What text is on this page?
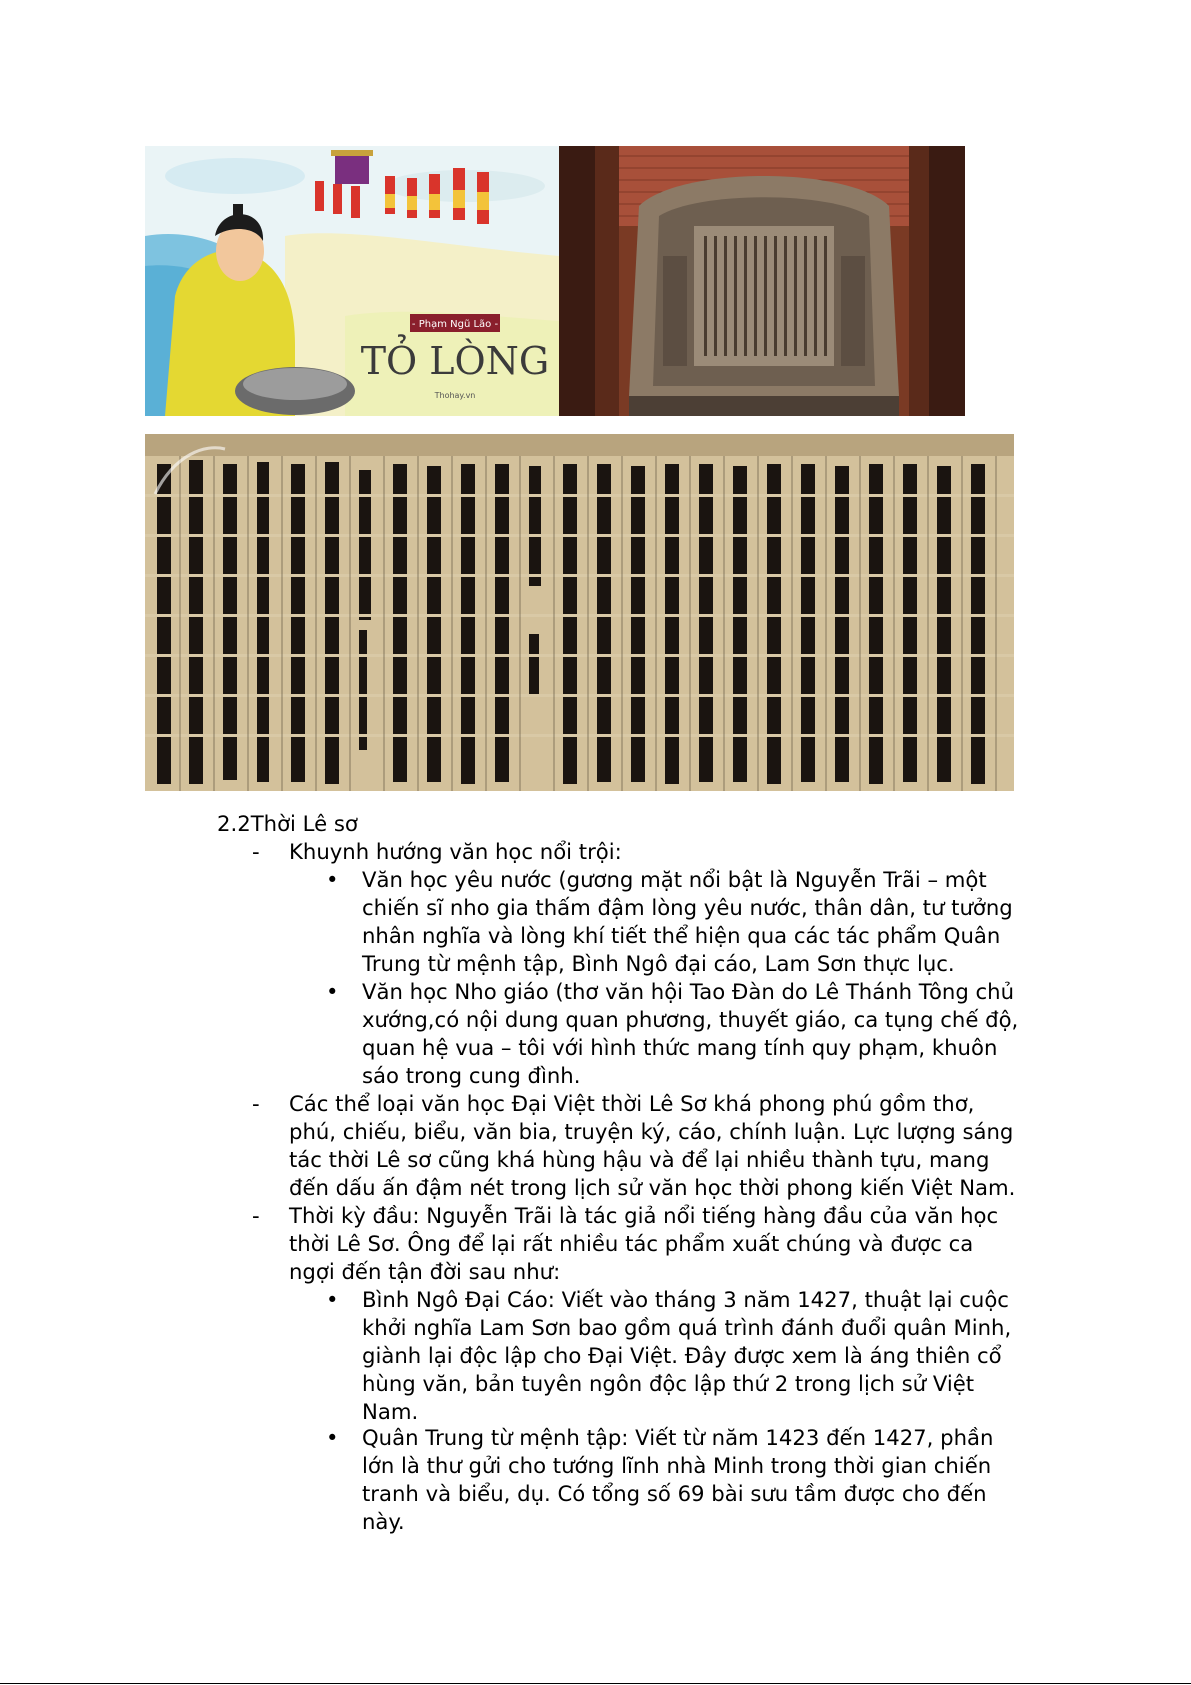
- Phạm Ngũ Lão -
TỎ LÒNG
Thohay.vn
2.2Thời Lê sơ
- Khuynh hướng văn học nổi trội:
• Văn học yêu nước (gương mặt nổi bật là Nguyễn Trãi – một
chiến sĩ nho gia thấm đậm lòng yêu nước, thân dân, tư tưởng
nhân nghĩa và lòng khí tiết thể hiện qua các tác phẩm Quân
Trung từ mệnh tập, Bình Ngô đại cáo, Lam Sơn thực lục.
• Văn học Nho giáo (thơ văn hội Tao Đàn do Lê Thánh Tông chủ
xướng,có nội dung quan phương, thuyết giáo, ca tụng chế độ,
quan hệ vua – tôi với hình thức mang tính quy phạm, khuôn
sáo trong cung đình.
- Các thể loại văn học Đại Việt thời Lê Sơ khá phong phú gồm thơ,
phú, chiếu, biểu, văn bia, truyện ký, cáo, chính luận. Lực lượng sáng
tác thời Lê sơ cũng khá hùng hậu và để lại nhiều thành tựu, mang
đến dấu ấn đậm nét trong lịch sử văn học thời phong kiến Việt Nam.
- Thời kỳ đầu: Nguyễn Trãi là tác giả nổi tiếng hàng đầu của văn học
thời Lê Sơ. Ông để lại rất nhiều tác phẩm xuất chúng và được ca
ngợi đến tận đời sau như:
• Bình Ngô Đại Cáo: Viết vào tháng 3 năm 1427, thuật lại cuộc
khởi nghĩa Lam Sơn bao gồm quá trình đánh đuổi quân Minh,
giành lại độc lập cho Đại Việt. Đây được xem là áng thiên cổ
hùng văn, bản tuyên ngôn độc lập thứ 2 trong lịch sử Việt
Nam.
• Quân Trung từ mệnh tập: Viết từ năm 1423 đến 1427, phần
lớn là thư gửi cho tướng lĩnh nhà Minh trong thời gian chiến
tranh và biểu, dụ. Có tổng số 69 bài sưu tầm được cho đến
này.
